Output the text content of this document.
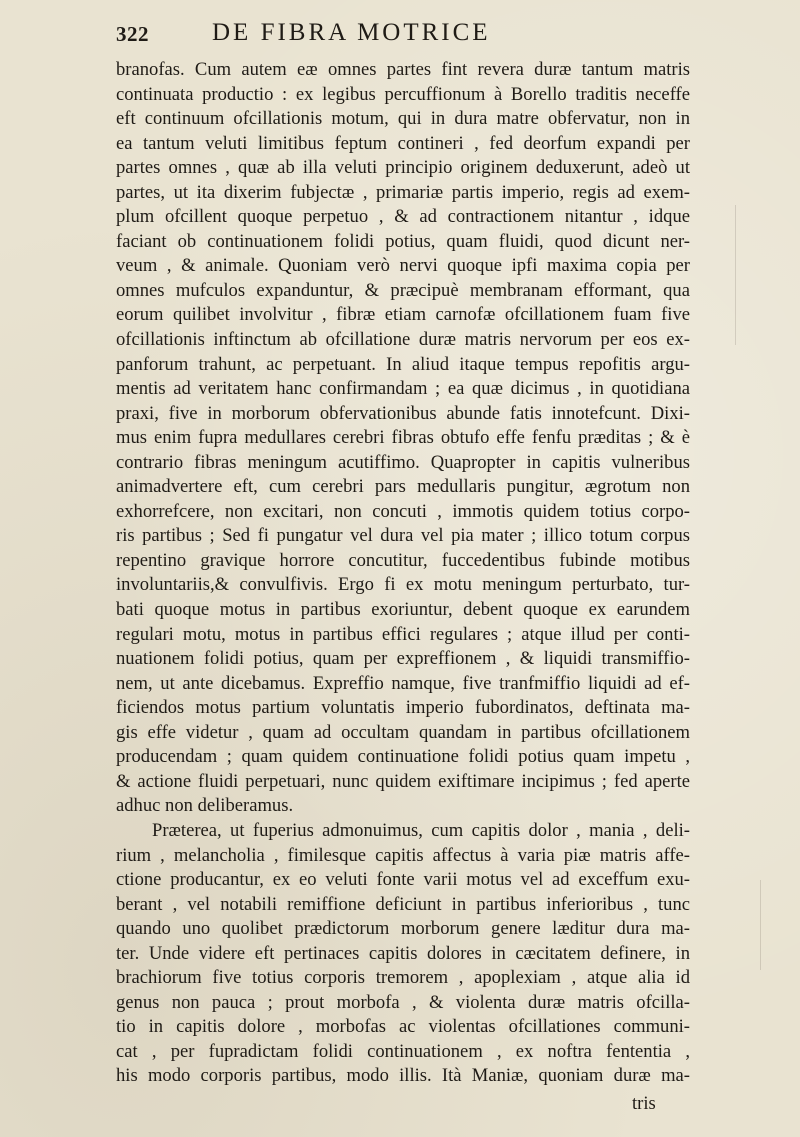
322	DE FIBRA MOTRICE
branofas. Cum autem eæ omnes partes fint revera duræ tantum matris
continuata productio : ex legibus percuffionum à Borello traditis neceffe
eft continuum ofcillationis motum, qui in dura matre obfervatur, non in
ea tantum veluti limitibus feptum contineri , fed deorfum expandi per
partes omnes , quæ ab illa veluti principio originem deduxerunt, adeò ut
partes, ut ita dixerim fubjectæ , primariæ partis imperio, regis ad exem-
plum ofcillent quoque perpetuo , & ad contractionem nitantur , idque
faciant ob continuationem folidi potius, quam fluidi, quod dicunt ner-
veum , & animale. Quoniam verò nervi quoque ipfi maxima copia per
omnes mufculos expanduntur, & præcipuè membranam efformant, qua
eorum quilibet involvitur , fibræ etiam carnofæ ofcillationem fuam five
ofcillationis inftinctum ab ofcillatione duræ matris nervorum per eos ex-
panforum trahunt, ac perpetuant. In aliud itaque tempus repofitis argu-
mentis ad veritatem hanc confirmandam ; ea quæ dicimus , in quotidiana
praxi, five in morborum obfervationibus abunde fatis innotefcunt. Dixi-
mus enim fupra medullares cerebri fibras obtufo effe fenfu præditas ; & è
contrario fibras meningum acutiffimo. Quapropter in capitis vulneribus
animadvertere eft, cum cerebri pars medullaris pungitur, ægrotum non
exhorrefcere, non excitari, non concuti , immotis quidem totius corpo-
ris partibus ; Sed fi pungatur vel dura vel pia mater ; illico totum corpus
repentino gravique horrore concutitur, fuccedentibus fubinde motibus
involuntariis,& convulfivis. Ergo fi ex motu meningum perturbato, tur-
bati quoque motus in partibus exoriuntur, debent quoque ex earundem
regulari motu, motus in partibus effici regulares ; atque illud per conti-
nuationem folidi potius, quam per expreffionem , & liquidi transmiffio-
nem, ut ante dicebamus. Expreffio namque, five tranfmiffio liquidi ad ef-
ficiendos motus partium voluntatis imperio fubordinatos, deftinata ma-
gis effe videtur , quam ad occultam quandam in partibus ofcillationem
producendam ; quam quidem continuatione folidi potius quam impetu ,
& actione fluidi perpetuari, nunc quidem exiftimare incipimus ; fed aperte
adhuc non deliberamus.
Præterea, ut fuperius admonuimus, cum capitis dolor , mania , deli-
rium , melancholia , fimilesque capitis affectus à varia piæ matris affe-
ctione producantur, ex eo veluti fonte varii motus vel ad exceffum exu-
berant , vel notabili remiffione deficiunt in partibus inferioribus , tunc
quando uno quolibet prædictorum morborum genere læditur dura ma-
ter. Unde videre eft pertinaces capitis dolores in cæcitatem definere, in
brachiorum five totius corporis tremorem , apoplexiam , atque alia id
genus non pauca ; prout morbofa , & violenta duræ matris ofcilla-
tio in capitis dolore , morbofas ac violentas ofcillationes communi-
cat , per fupradictam folidi continuationem , ex noftra fententia ,
his modo corporis partibus, modo illis. Ità Maniæ, quoniam duræ ma-
tris
